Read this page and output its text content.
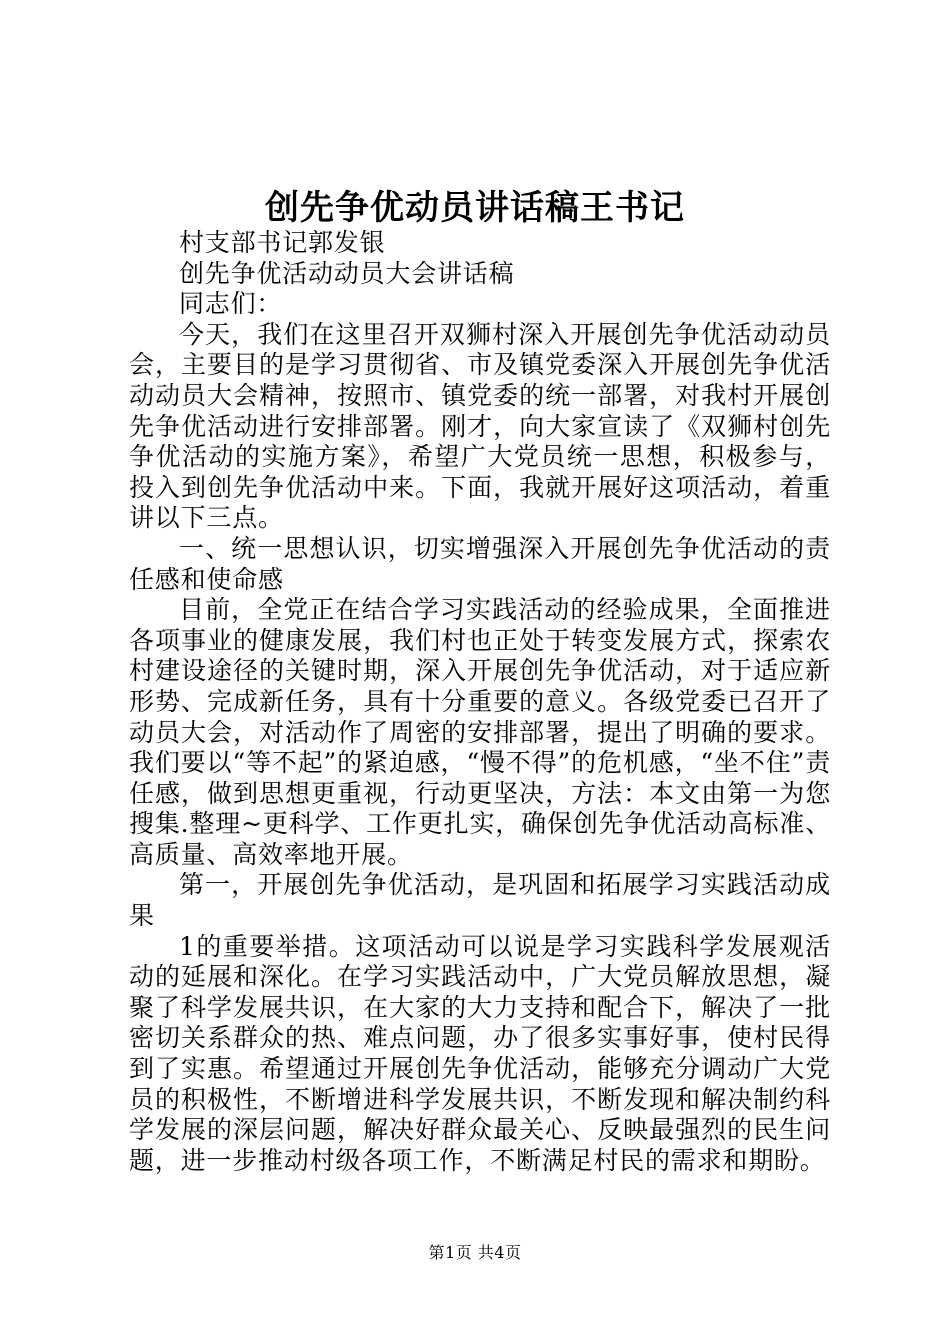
创先争优动员讲话稿王书记

村支部书记郭发银

创先争优活动动员大会讲话稿

同志们：

今天，我们在这里召开双狮村深入开展创先争优活动动员会，主要目的是学习贯彻省、市及镇党委深入开展创先争优活动动员大会精神，按照市、镇党委的统一部署，对我村开展创先争优活动进行安排部署。刚才，向大家宣读了《双狮村创先争优活动的实施方案》，希望广大党员统一思想，积极参与，投入到创先争优活动中来。下面，我就开展好这项活动，着重讲以下三点。

一、统一思想认识，切实增强深入开展创先争优活动的责任感和使命感

目前，全党正在结合学习实践活动的经验成果，全面推进各项事业的健康发展，我们村也正处于转变发展方式，探索农村建设途径的关键时期，深入开展创先争优活动，对于适应新形势、完成新任务，具有十分重要的意义。各级党委已召开了动员大会，对活动作了周密的安排部署，提出了明确的要求。我们要以“等不起”的紧迫感，“慢不得”的危机感，“坐不住”责任感，做到思想更重视，行动更坚决，方法：本文由第一为您搜集.整理~更科学、工作更扎实，确保创先争优活动高标准、高质量、高效率地开展。

第一，开展创先争优活动，是巩固和拓展学习实践活动成果

1的重要举措。这项活动可以说是学习实践科学发展观活动的延展和深化。在学习实践活动中，广大党员解放思想，凝聚了科学发展共识，在大家的大力支持和配合下，解决了一批密切关系群众的热、难点问题，办了很多实事好事，使村民得到了实惠。希望通过开展创先争优活动，能够充分调动广大党员的积极性，不断增进科学发展共识，不断发现和解决制约科学发展的深层问题，解决好群众最关心、反映最强烈的民生问题，进一步推动村级各项工作，不断满足村民的需求和期盼。

第1页 共4页
